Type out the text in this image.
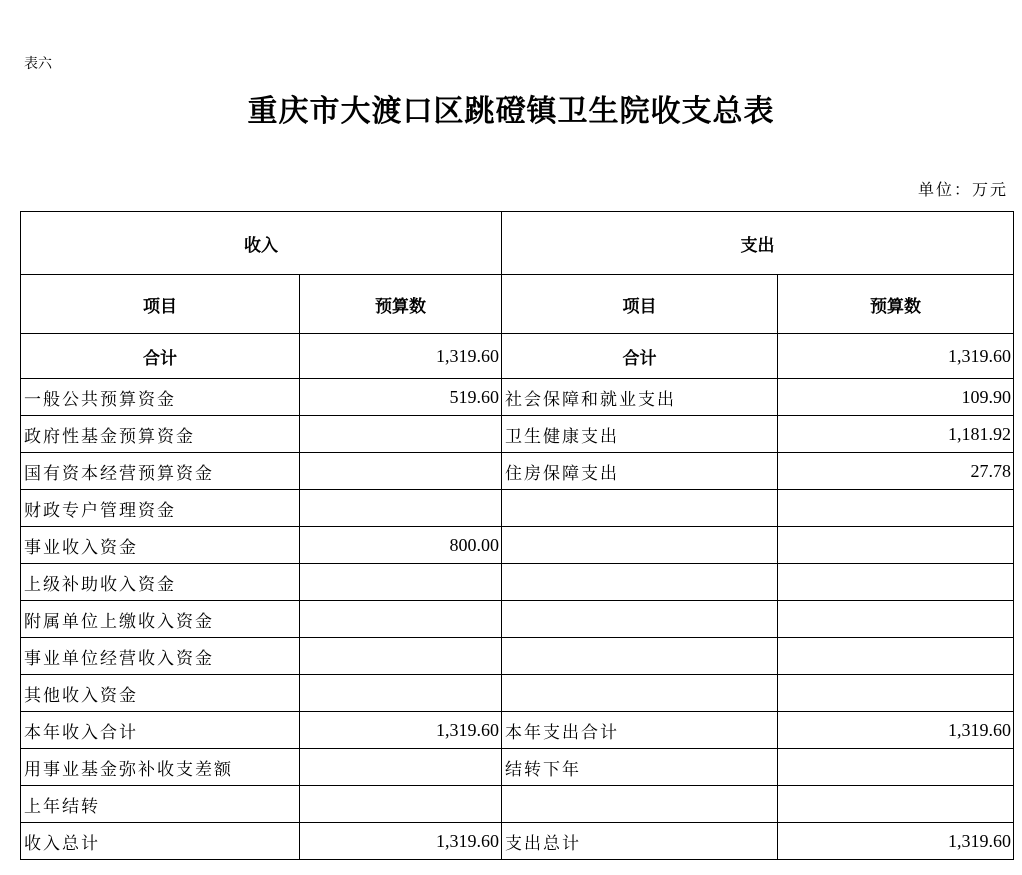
表六
重庆市大渡口区跳磴镇卫生院收支总表
单位：万元
收入		支出	
项目	预算数	项目	预算数
合计	1,319.60	合计	1,319.60
一般公共预算资金	519.60	社会保障和就业支出	109.90
政府性基金预算资金		卫生健康支出	1,181.92
国有资本经营预算资金		住房保障支出	27.78
财政专户管理资金			
事业收入资金	800.00		
上级补助收入资金			
附属单位上缴收入资金			
事业单位经营收入资金			
其他收入资金			
本年收入合计	1,319.60	本年支出合计	1,319.60
用事业基金弥补收支差额		结转下年	
上年结转			
收入总计	1,319.60	支出总计	1,319.60
